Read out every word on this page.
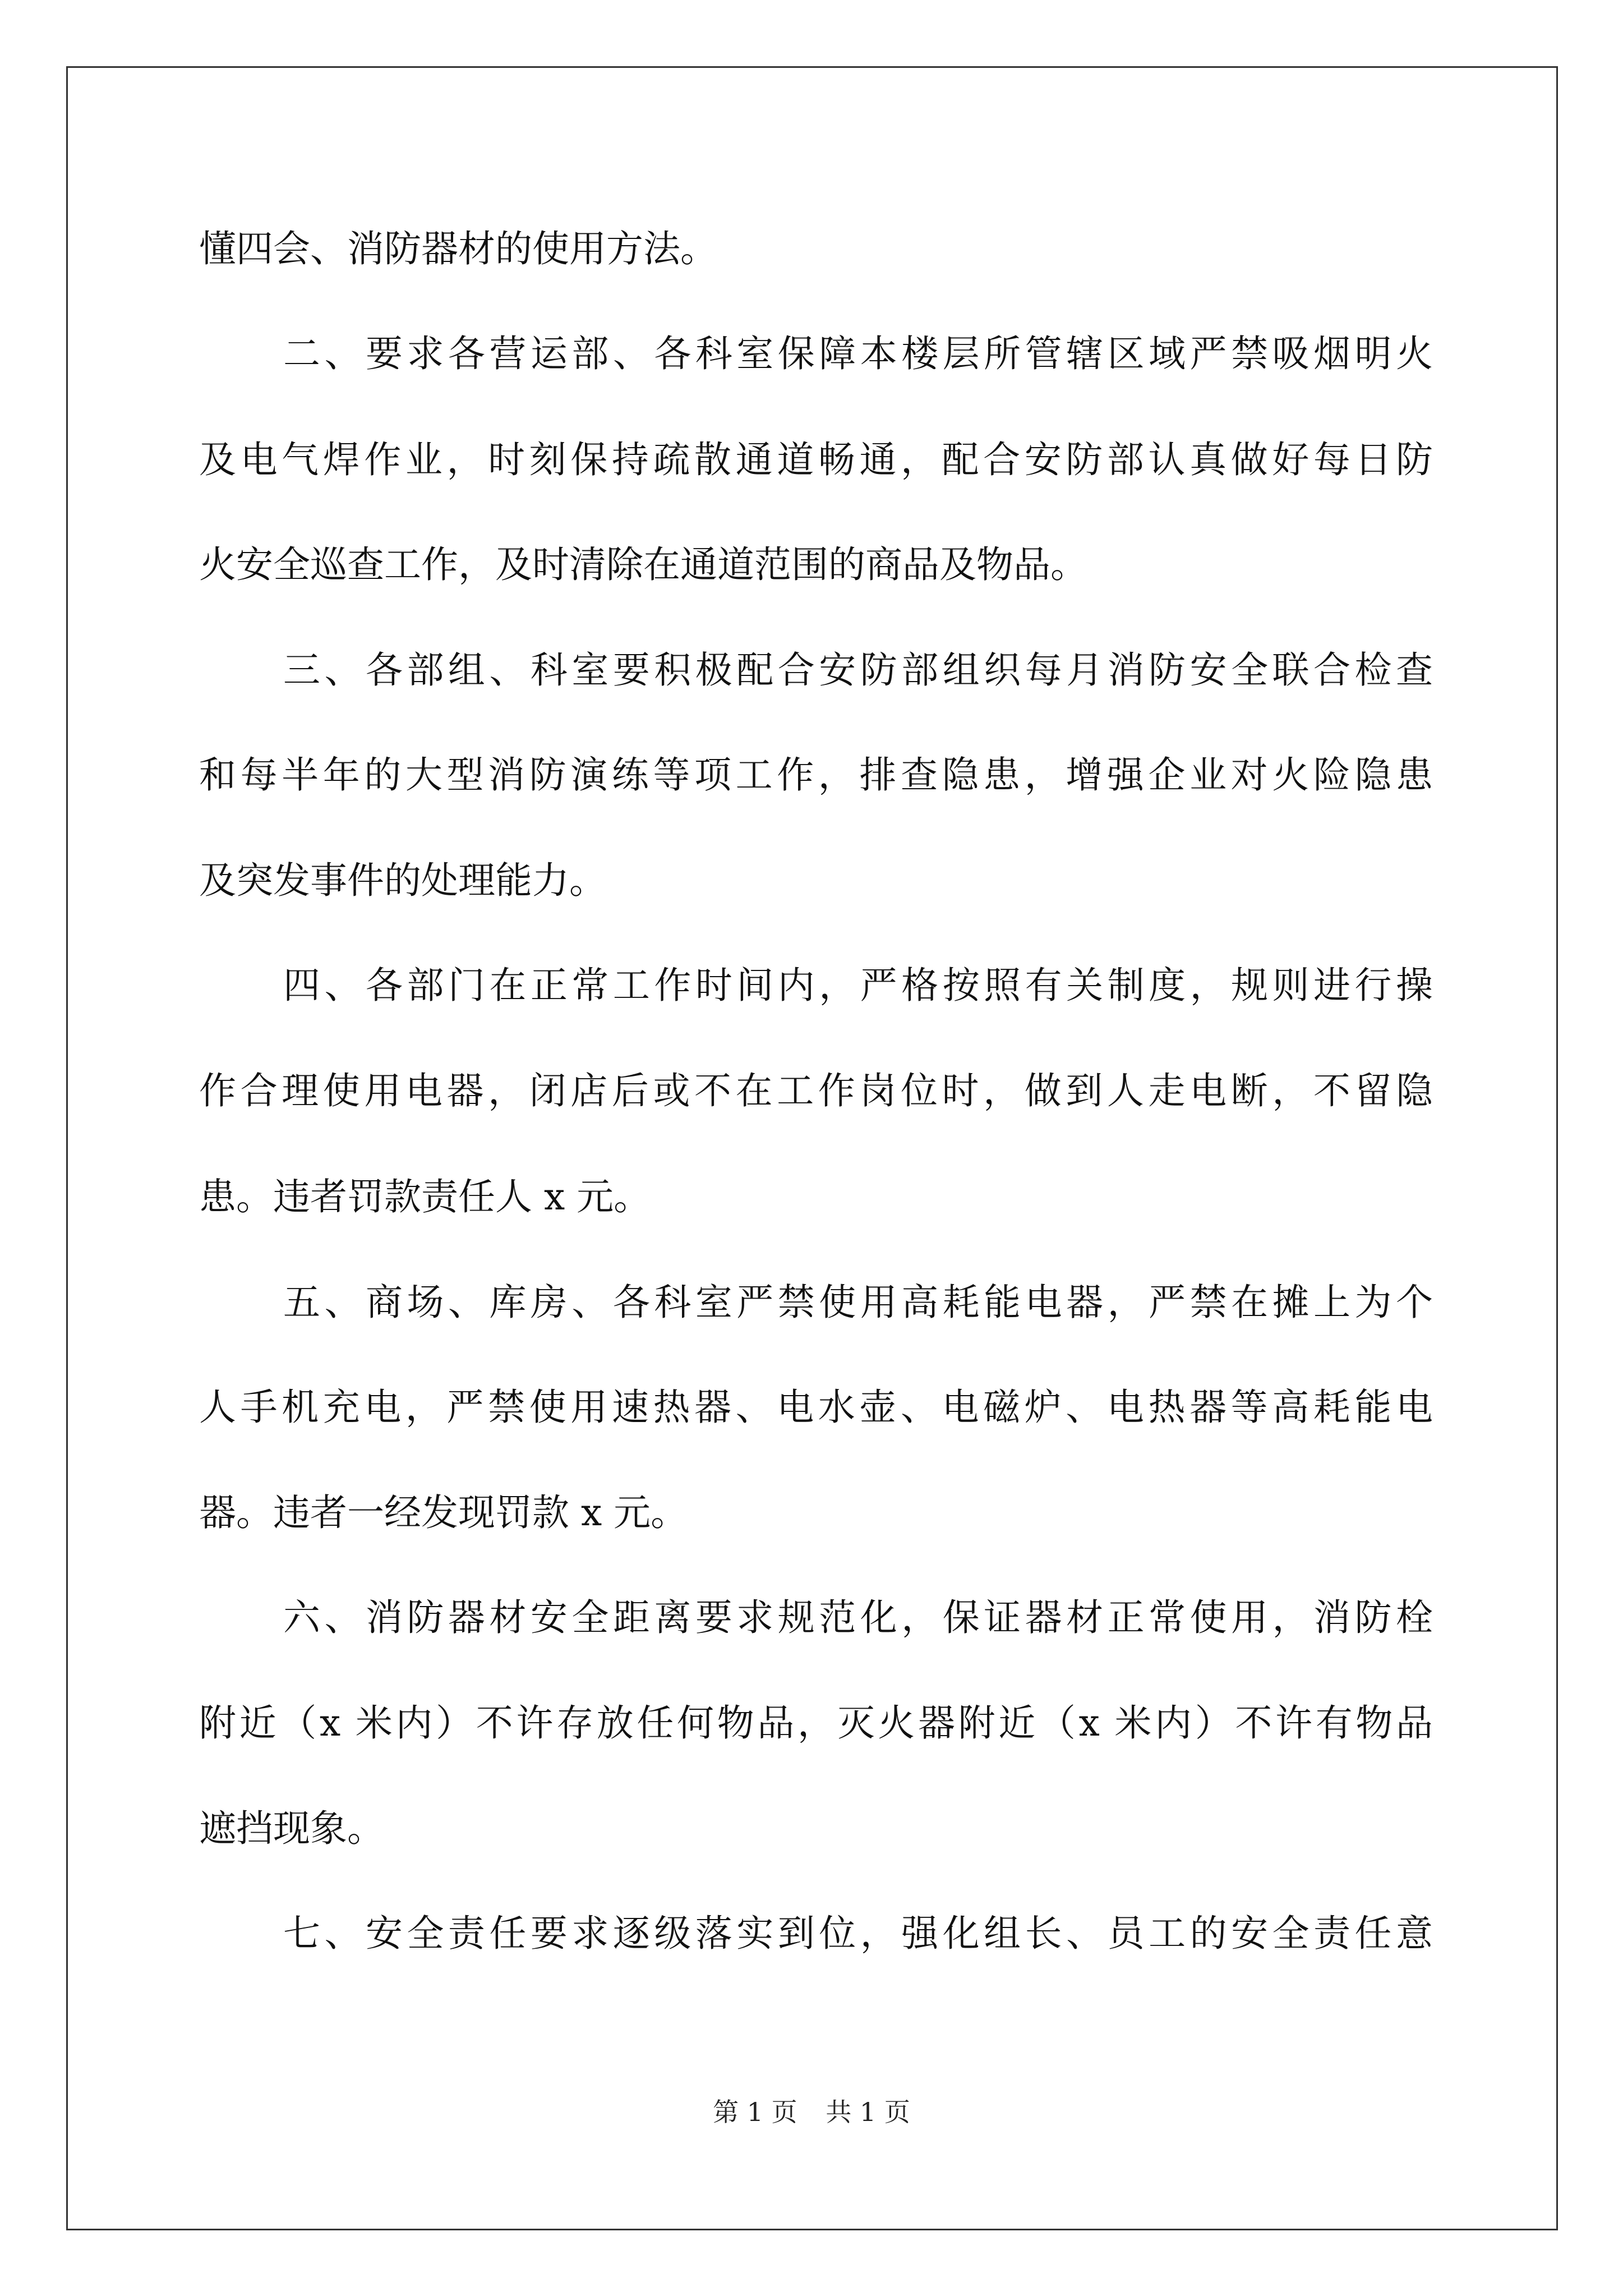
懂四会、消防器材的使用方法。
二、要求各营运部、各科室保障本楼层所管辖区域严禁吸烟明火
及电气焊作业，时刻保持疏散通道畅通，配合安防部认真做好每日防
火安全巡查工作，及时清除在通道范围的商品及物品。
三、各部组、科室要积极配合安防部组织每月消防安全联合检查
和每半年的大型消防演练等项工作，排查隐患，增强企业对火险隐患
及突发事件的处理能力。
四、各部门在正常工作时间内，严格按照有关制度，规则进行操
作合理使用电器，闭店后或不在工作岗位时，做到人走电断，不留隐
患。违者罚款责任人 x 元。
五、商场、库房、各科室严禁使用高耗能电器，严禁在摊上为个
人手机充电，严禁使用速热器、电水壶、电磁炉、电热器等高耗能电
器。违者一经发现罚款 x 元。
六、消防器材安全距离要求规范化，保证器材正常使用，消防栓
附近（x 米内）不许存放任何物品，灭火器附近（x 米内）不许有物品
遮挡现象。
七、安全责任要求逐级落实到位，强化组长、员工的安全责任意
第 1 页 共 1 页
